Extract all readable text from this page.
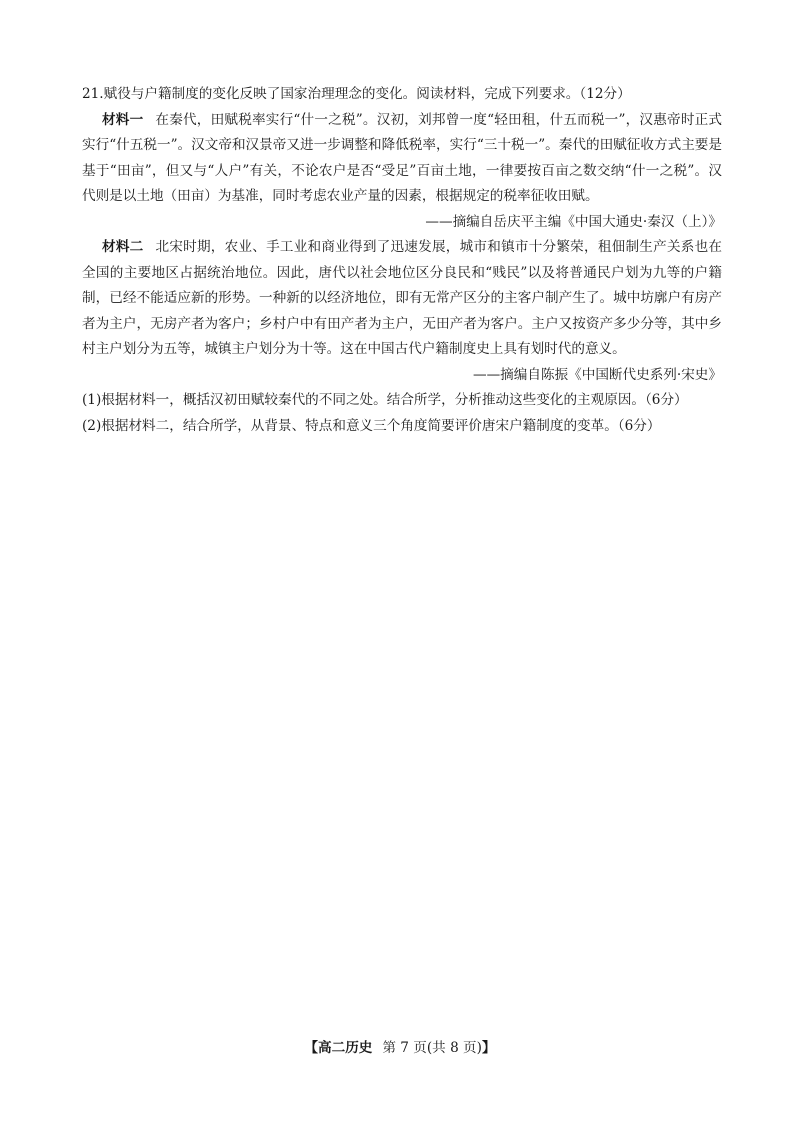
21.赋役与户籍制度的变化反映了国家治理理念的变化。阅读材料，完成下列要求。（12分）

材料一 在秦代，田赋税率实行“什一之税”。汉初，刘邦曾一度“轻田租，什五而税一”，汉惠帝时正式实行“什五税一”。汉文帝和汉景帝又进一步调整和降低税率，实行“三十税一”。秦代的田赋征收方式主要是基于“田亩”，但又与“人户”有关，不论农户是否“受足”百亩土地，一律要按百亩之数交纳“什一之税”。汉代则是以土地（田亩）为基准，同时考虑农业产量的因素，根据规定的税率征收田赋。

——摘编自岳庆平主编《中国大通史·秦汉（上）》

材料二 北宋时期，农业、手工业和商业得到了迅速发展，城市和镇市十分繁荣，租佃制生产关系也在全国的主要地区占据统治地位。因此，唐代以社会地位区分良民和“贱民”以及将普通民户划为九等的户籍制，已经不能适应新的形势。一种新的以经济地位，即有无常产区分的主客户制产生了。城中坊廓户有房产者为主户，无房产者为客户；乡村户中有田产者为主户，无田产者为客户。主户又按资产多少分等，其中乡村主户划分为五等，城镇主户划分为十等。这在中国古代户籍制度史上具有划时代的意义。

——摘编自陈振《中国断代史系列·宋史》

(1)根据材料一，概括汉初田赋较秦代的不同之处。结合所学，分析推动这些变化的主观原因。（6分）

(2)根据材料二，结合所学，从背景、特点和意义三个角度简要评价唐宋户籍制度的变革。（6分）

【高二历史 第 7 页(共 8 页)】
